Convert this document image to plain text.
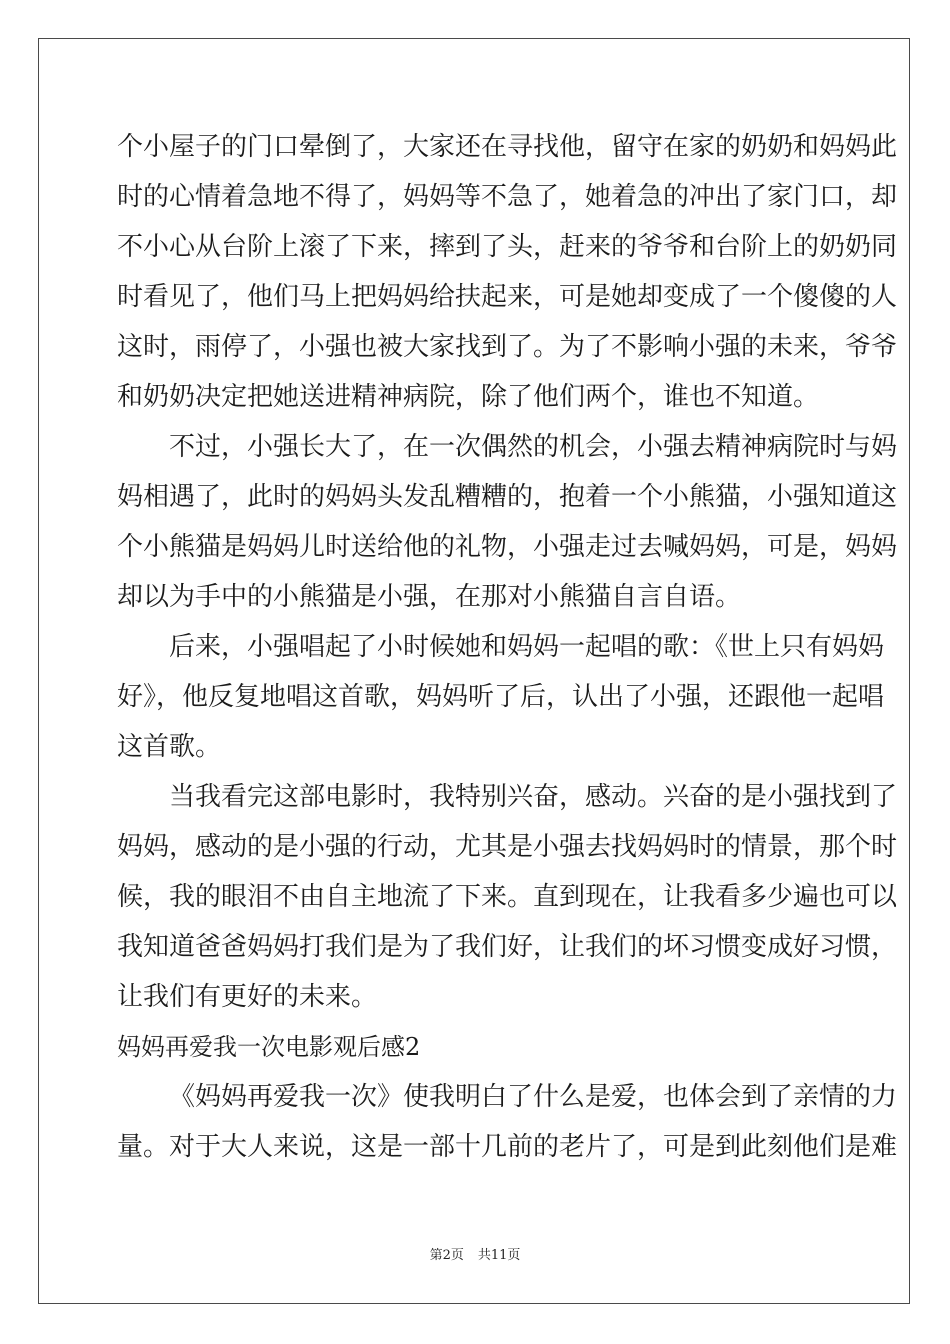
个小屋子的门口晕倒了，大家还在寻找他，留守在家的奶奶和妈妈此
时的心情着急地不得了，妈妈等不急了，她着急的冲出了家门口，却
不小心从台阶上滚了下来，摔到了头，赶来的爷爷和台阶上的奶奶同
时看见了，他们马上把妈妈给扶起来，可是她却变成了一个傻傻的人
这时，雨停了，小强也被大家找到了。为了不影响小强的未来，爷爷
和奶奶决定把她送进精神病院，除了他们两个，谁也不知道。
不过，小强长大了，在一次偶然的机会，小强去精神病院时与妈
妈相遇了，此时的妈妈头发乱糟糟的，抱着一个小熊猫，小强知道这
个小熊猫是妈妈儿时送给他的礼物，小强走过去喊妈妈，可是，妈妈
却以为手中的小熊猫是小强，在那对小熊猫自言自语。
后来，小强唱起了小时候她和妈妈一起唱的歌：《世上只有妈妈
好》，他反复地唱这首歌，妈妈听了后，认出了小强，还跟他一起唱
这首歌。
当我看完这部电影时，我特别兴奋，感动。兴奋的是小强找到了
妈妈，感动的是小强的行动，尤其是小强去找妈妈时的情景，那个时
候，我的眼泪不由自主地流了下来。直到现在，让我看多少遍也可以
我知道爸爸妈妈打我们是为了我们好，让我们的坏习惯变成好习惯，
让我们有更好的未来。
妈妈再爱我一次电影观后感2
《妈妈再爱我一次》使我明白了什么是爱，也体会到了亲情的力
量。对于大人来说，这是一部十几前的老片了，可是到此刻他们是难
第2页 共11页
